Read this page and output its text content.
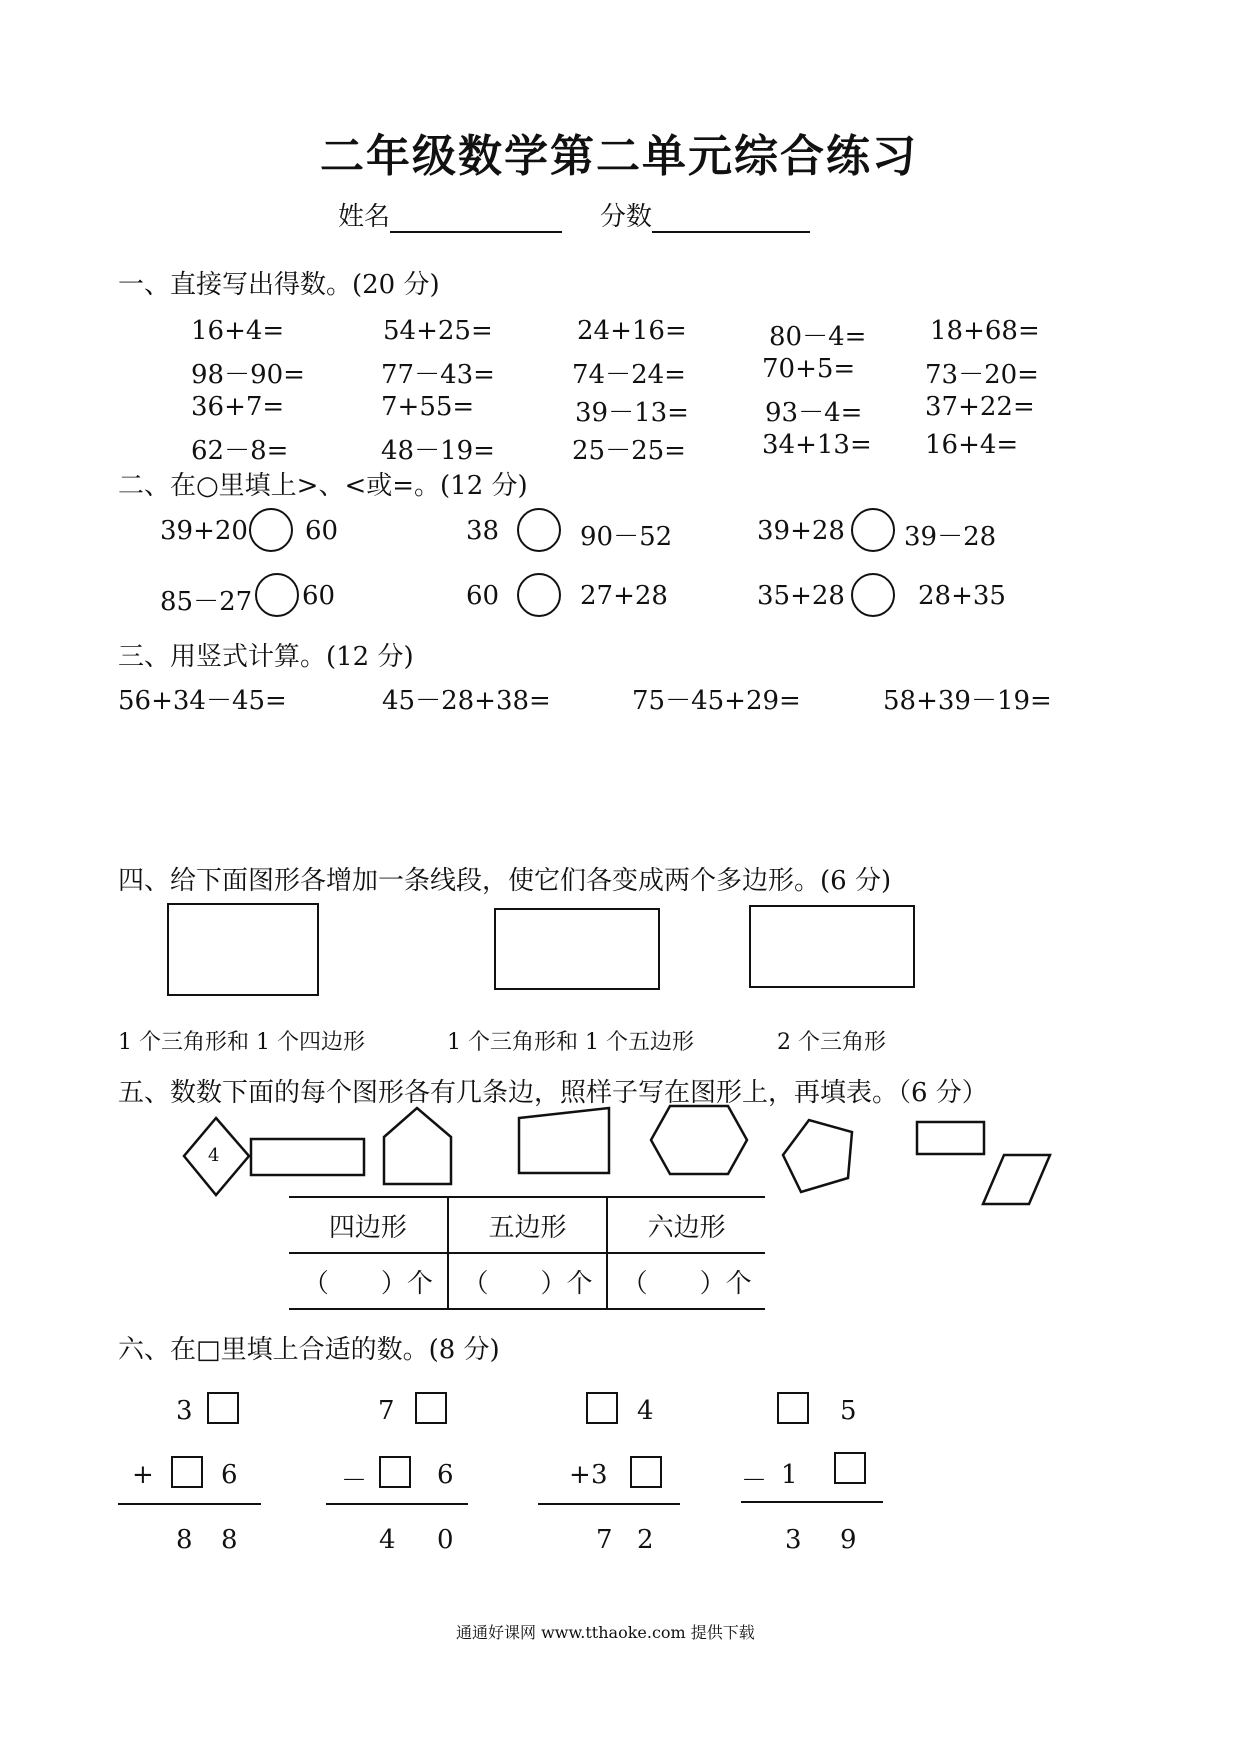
二年级数学第二单元综合练习
姓名	分数
一、直接写出得数。(20 分)
16+4=	54+25=	24+16=	80－4= 18+68=
98－90=	77－43=	74－24=	70+5=	73－20=
36+7=	7+55=	39－13=	93－4= 37+22=
62－8=	48－19=	25－25=	34+13= 16+4=
二、在○里填上>、<或=。(12 分)
39+20 60	38	90－52	39+28 39－28
85－27 60	60	27+28	35+28	28+35
三、用竖式计算。(12 分)
56+34－45=	45－28+38=	75－45+29=	58+39－19=
四、给下面图形各增加一条线段，使它们各变成两个多边形。(6 分)
1 个三角形和 1 个四边形	1 个三角形和 1 个五边形	2 个三角形
五、数数下面的每个图形各有几条边，照样子写在图形上，再填表。（6 分）
4
四边形	五边形	六边形
（　　）个	（　　）个	（　　）个
六、在□里填上合适的数。(8 分)
3
+	6
8 8
7
－	6
4 0
4
+ 3
7 2
5
－ 1
3 9
通通好课网 www.tthaoke.com 提供下载
